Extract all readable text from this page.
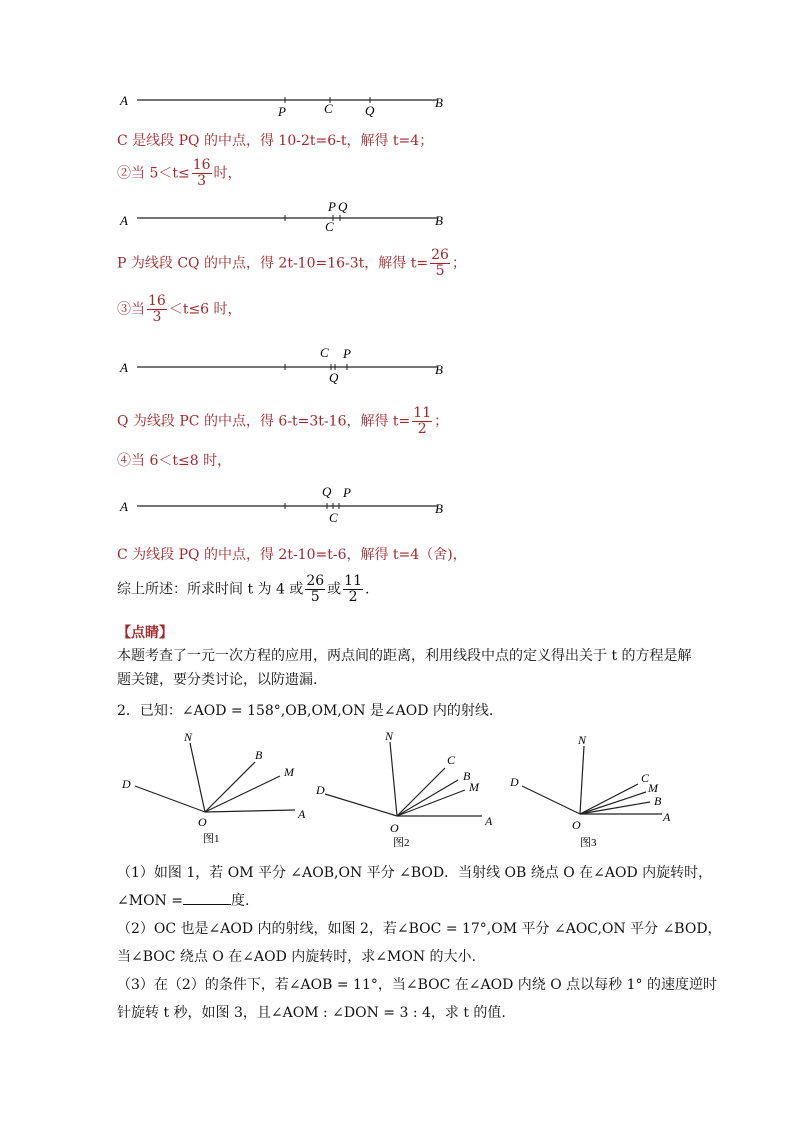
A	B
P	C Q
C 是线段 PQ 的中点，得 10-2t=6-t，解得 t=4；
②当 $5<t\le \frac{16}{3}$ 时，
A	B
P Q
C
P 为线段 CQ 的中点，得 2t-10=16-3t，解得 $t= \frac{26}{5}$ ；
③当 $\frac{16}{3} <t\le 6$ 时，
A	B
C P
Q
Q 为线段 PC 的中点，得 6-t=3t-16，解得 $t= \frac{11}{2}$ ；
④当 6＜t≤8 时，
A	B
Q P
C
C 为线段 PQ 的中点，得 2t-10=t-6，解得 t=4（舍)，
综上所述：所求时间 t 为 4 或 $\frac{26}{5}$ 或 $\frac{11}{2}$ .
【点睛】
本题考查了一元一次方程的应用，两点间的距离，利用线段中点的定义得出关于 t 的方程是解题关键，要分类讨论，以防遗漏.
2．已知：∠AOD = 158°,OB,OM,ON 是∠AOD 内的射线.
N
B
M
D
O
A
图1
N
C
B
M
D
O	A
图2
N
C
M
B
D
O
A
图3
（1）如图 1，若 OM 平分 ∠AOB,ON 平分 ∠BOD．当射线 OB 绕点 O 在∠AOD 内旋转时，
∠MON =	度.
（2）OC 也是∠AOD 内的射线，如图 2，若∠BOC = 17°,OM 平分 ∠AOC,ON 平分 ∠BOD，
当∠BOC 绕点 O 在∠AOD 内旋转时，求∠MON 的大小.
（3）在（2）的条件下，若∠AOB = 11°，当∠BOC 在∠AOD 内绕 O 点以每秒 1° 的速度逆时
针旋转 t 秒，如图 3，且∠AOM : ∠DON = 3 : 4，求 t 的值.
